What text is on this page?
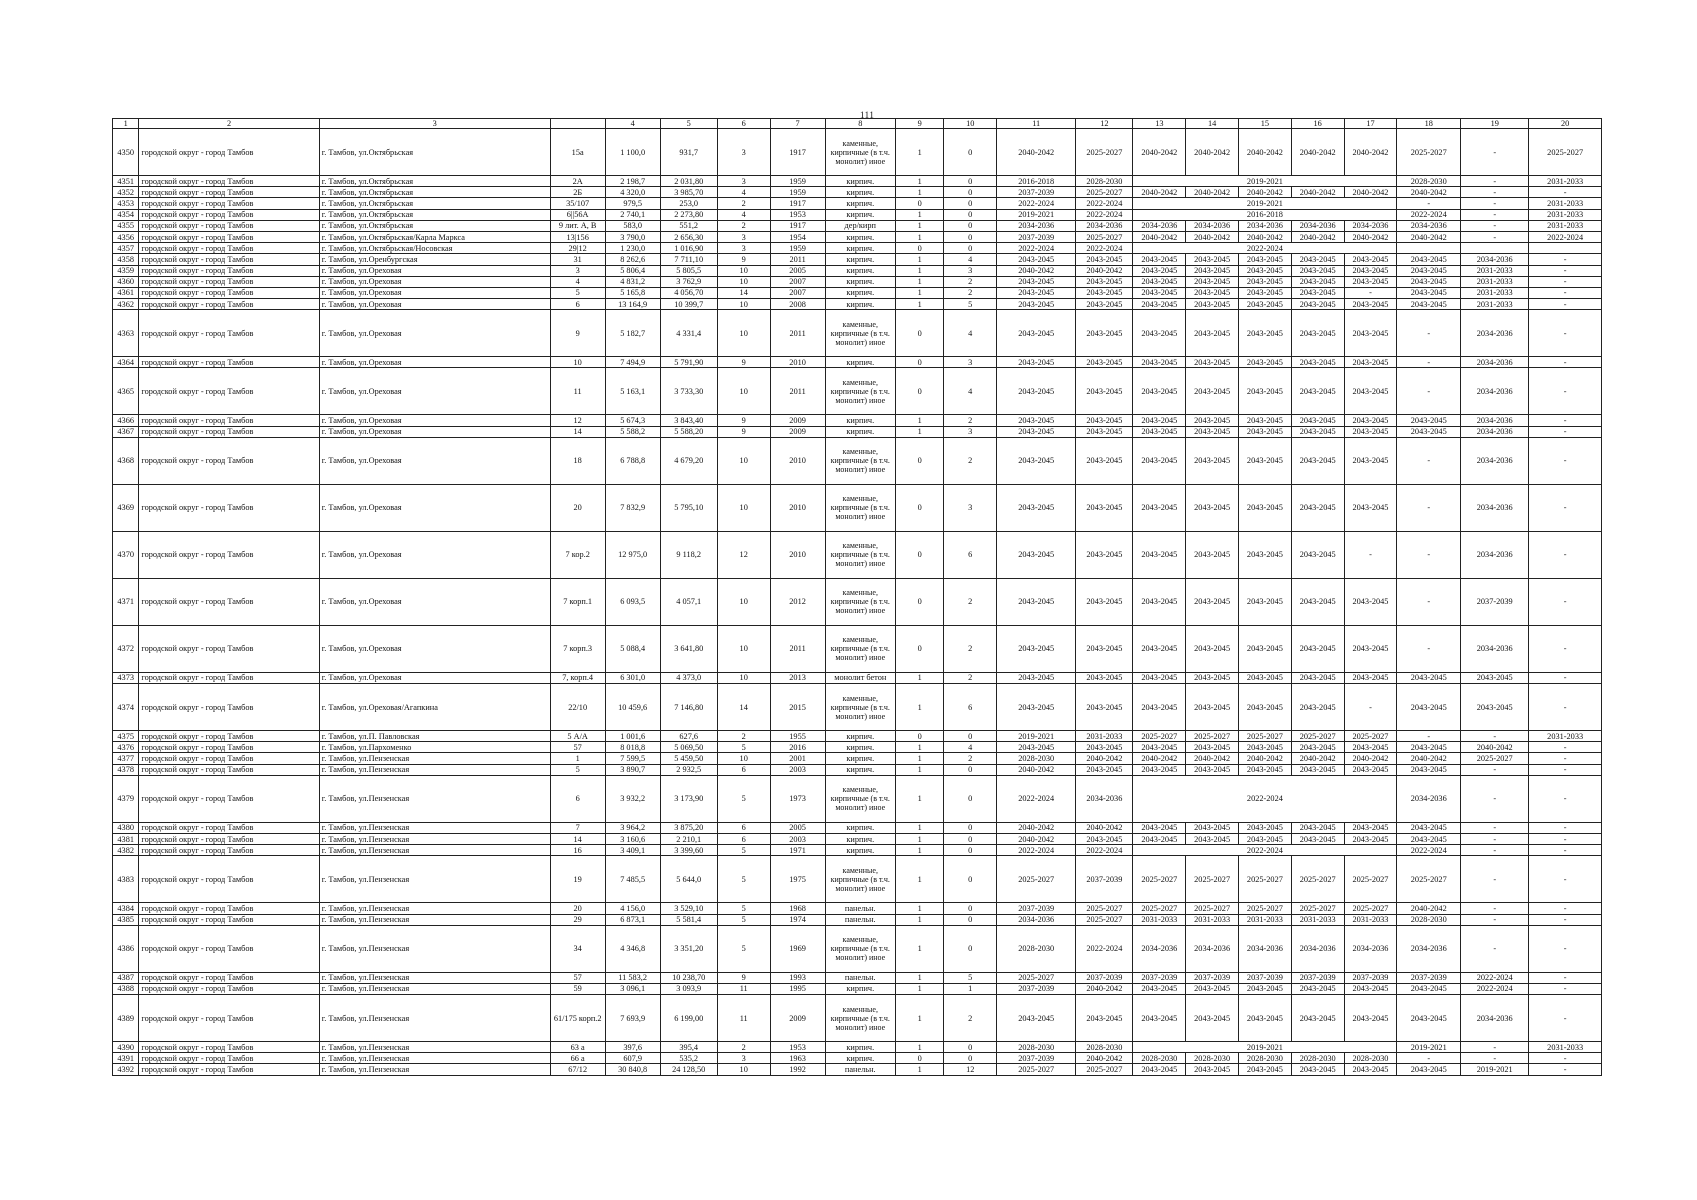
111
1	2	3		4	5	6	7	8	9	10	11	12	13	14	15	16	17	18	19	20
4350	городской округ - город Тамбов	г. Тамбов, ул.Октябрьская	15а	1 100,0	931,7	3	1917	каменные, кирпичные (в т.ч. монолит) иное	1	0	2040-2042	2025-2027	2040-2042	2040-2042	2040-2042	2040-2042	2040-2042	2025-2027	-	2025-2027
4351	городской округ - город Тамбов	г. Тамбов, ул.Октябрьская	2А	2 198,7	2 031,80	3	1959	кирпич.	1	0	2016-2018	2028-2030	2019-2021					2028-2030	-	2031-2033
4352	городской округ - город Тамбов	г. Тамбов, ул.Октябрьская	2Б	4 320,0	3 985,70	4	1959	кирпич.	1	0	2037-2039	2025-2027	2040-2042	2040-2042	2040-2042	2040-2042	2040-2042	2040-2042	-	-
4353	городской округ - город Тамбов	г. Тамбов, ул.Октябрьская	35/107	979,5	253,0	2	1917	кирпич.	0	0	2022-2024	2022-2024	2019-2021					-	-	2031-2033
4354	городской округ - город Тамбов	г. Тамбов, ул.Октябрьская	6||56А	2 740,1	2 273,80	4	1953	кирпич.	1	0	2019-2021	2022-2024	2016-2018					2022-2024	-	2031-2033
4355	городской округ - город Тамбов	г. Тамбов, ул.Октябрьская	9 лит. А, В	583,0	551,2	2	1917	дер/кирп	1	0	2034-2036	2034-2036	2034-2036	2034-2036	2034-2036	2034-2036	2034-2036	2034-2036	-	2031-2033
4356	городской округ - город Тамбов	г. Тамбов, ул.Октябрьская/Карла Маркса	13|156	3 790,0	2 656,30	3	1954	кирпич.	1	0	2037-2039	2025-2027	2040-2042	2040-2042	2040-2042	2040-2042	2040-2042	2040-2042	-	2022-2024
4357	городской округ - город Тамбов	г. Тамбов, ул.Октябрьская/Носовская	29|12	1 230,0	1 016,90	3	1959	кирпич.	0	0	2022-2024	2022-2024	2022-2024							
4358	городской округ - город Тамбов	г. Тамбов, ул.Оренбургская	31	8 262,6	7 711,10	9	2011	кирпич.	1	4	2043-2045	2043-2045	2043-2045	2043-2045	2043-2045	2043-2045	2043-2045	2043-2045	2034-2036	-
4359	городской округ - город Тамбов	г. Тамбов, ул.Ореховая	3	5 806,4	5 805,5	10	2005	кирпич.	1	3	2040-2042	2040-2042	2043-2045	2043-2045	2043-2045	2043-2045	2043-2045	2043-2045	2031-2033	-
4360	городской округ - город Тамбов	г. Тамбов, ул.Ореховая	4	4 831,2	3 762,9	10	2007	кирпич.	1	2	2043-2045	2043-2045	2043-2045	2043-2045	2043-2045	2043-2045	2043-2045	2043-2045	2031-2033	-
4361	городской округ - город Тамбов	г. Тамбов, ул.Ореховая	5	5 165,8	4 056,70	14	2007	кирпич.	1	2	2043-2045	2043-2045	2043-2045	2043-2045	2043-2045	2043-2045	-	2043-2045	2031-2033	-
4362	городской округ - город Тамбов	г. Тамбов, ул.Ореховая	6	13 164,9	10 399,7	10	2008	кирпич.	1	5	2043-2045	2043-2045	2043-2045	2043-2045	2043-2045	2043-2045	2043-2045	2043-2045	2031-2033	-
4363	городской округ - город Тамбов	г. Тамбов, ул.Ореховая	9	5 182,7	4 331,4	10	2011	каменные, кирпичные (в т.ч. монолит) иное	0	4	2043-2045	2043-2045	2043-2045	2043-2045	2043-2045	2043-2045	2043-2045	-	2034-2036	-
4364	городской округ - город Тамбов	г. Тамбов, ул.Ореховая	10	7 494,9	5 791,90	9	2010	кирпич.	0	3	2043-2045	2043-2045	2043-2045	2043-2045	2043-2045	2043-2045	2043-2045	-	2034-2036	-
4365	городской округ - город Тамбов	г. Тамбов, ул.Ореховая	11	5 163,1	3 733,30	10	2011	каменные, кирпичные (в т.ч. монолит) иное	0	4	2043-2045	2043-2045	2043-2045	2043-2045	2043-2045	2043-2045	2043-2045	-	2034-2036	-
4366	городской округ - город Тамбов	г. Тамбов, ул.Ореховая	12	5 674,3	3 843,40	9	2009	кирпич.	1	2	2043-2045	2043-2045	2043-2045	2043-2045	2043-2045	2043-2045	2043-2045	2043-2045	2034-2036	-
4367	городской округ - город Тамбов	г. Тамбов, ул.Ореховая	14	5 588,2	5 588,20	9	2009	кирпич.	1	3	2043-2045	2043-2045	2043-2045	2043-2045	2043-2045	2043-2045	2043-2045	2043-2045	2034-2036	-
4368	городской округ - город Тамбов	г. Тамбов, ул.Ореховая	18	6 788,8	4 679,20	10	2010	каменные, кирпичные (в т.ч. монолит) иное	0	2	2043-2045	2043-2045	2043-2045	2043-2045	2043-2045	2043-2045	2043-2045	-	2034-2036	-
4369	городской округ - город Тамбов	г. Тамбов, ул.Ореховая	20	7 832,9	5 795,10	10	2010	каменные, кирпичные (в т.ч. монолит) иное	0	3	2043-2045	2043-2045	2043-2045	2043-2045	2043-2045	2043-2045	2043-2045	-	2034-2036	-
4370	городской округ - город Тамбов	г. Тамбов, ул.Ореховая	7 кор.2	12 975,0	9 118,2	12	2010	каменные, кирпичные (в т.ч. монолит) иное	0	6	2043-2045	2043-2045	2043-2045	2043-2045	2043-2045	2043-2045	-	-	2034-2036	-
4371	городской округ - город Тамбов	г. Тамбов, ул.Ореховая	7 корп.1	6 093,5	4 057,1	10	2012	каменные, кирпичные (в т.ч. монолит) иное	0	2	2043-2045	2043-2045	2043-2045	2043-2045	2043-2045	2043-2045	2043-2045	-	2037-2039	-
4372	городской округ - город Тамбов	г. Тамбов, ул.Ореховая	7 корп.3	5 088,4	3 641,80	10	2011	каменные, кирпичные (в т.ч. монолит) иное	0	2	2043-2045	2043-2045	2043-2045	2043-2045	2043-2045	2043-2045	2043-2045	-	2034-2036	-
4373	городской округ - город Тамбов	г. Тамбов, ул.Ореховая	7, корп.4	6 301,0	4 373,0	10	2013	монолит бетон	1	2	2043-2045	2043-2045	2043-2045	2043-2045	2043-2045	2043-2045	2043-2045	2043-2045	2043-2045	-
4374	городской округ - город Тамбов	г. Тамбов, ул.Ореховая/Агапкина	22/10	10 459,6	7 146,80	14	2015	каменные, кирпичные (в т.ч. монолит) иное	1	6	2043-2045	2043-2045	2043-2045	2043-2045	2043-2045	2043-2045	-	2043-2045	2043-2045	-
4375	городской округ - город Тамбов	г. Тамбов, ул.П. Павловская	5 А/А	1 001,6	627,6	2	1955	кирпич.	0	0	2019-2021	2031-2033	2025-2027	2025-2027	2025-2027	2025-2027	2025-2027	-	-	2031-2033
4376	городской округ - город Тамбов	г. Тамбов, ул.Пархоменко	57	8 018,8	5 069,50	5	2016	кирпич.	1	4	2043-2045	2043-2045	2043-2045	2043-2045	2043-2045	2043-2045	2043-2045	2043-2045	2040-2042	-
4377	городской округ - город Тамбов	г. Тамбов, ул.Пензенская	1	7 599,5	5 459,50	10	2001	кирпич.	1	2	2028-2030	2040-2042	2040-2042	2040-2042	2040-2042	2040-2042	2040-2042	2040-2042	2025-2027	-
4378	городской округ - город Тамбов	г. Тамбов, ул.Пензенская	5	3 890,7	2 932,5	6	2003	кирпич.	1	0	2040-2042	2043-2045	2043-2045	2043-2045	2043-2045	2043-2045	2043-2045	2043-2045	-	-
4379	городской округ - город Тамбов	г. Тамбов, ул.Пензенская	6	3 932,2	3 173,90	5	1973	каменные, кирпичные (в т.ч. монолит) иное	1	0	2022-2024	2034-2036	2022-2024					2034-2036	-	-
4380	городской округ - город Тамбов	г. Тамбов, ул.Пензенская	7	3 964,2	3 875,20	6	2005	кирпич.	1	0	2040-2042	2040-2042	2043-2045	2043-2045	2043-2045	2043-2045	2043-2045	2043-2045	-	-
4381	городской округ - город Тамбов	г. Тамбов, ул.Пензенская	14	3 160,6	2 210,1	6	2003	кирпич.	1	0	2040-2042	2043-2045	2043-2045	2043-2045	2043-2045	2043-2045	2043-2045	2043-2045	-	-
4382	городской округ - город Тамбов	г. Тамбов, ул.Пензенская	16	3 409,1	3 399,60	5	1971	кирпич.	1	0	2022-2024	2022-2024	2022-2024					2022-2024	-	-
4383	городской округ - город Тамбов	г. Тамбов, ул.Пензенская	19	7 485,5	5 644,0	5	1975	каменные, кирпичные (в т.ч. монолит) иное	1	0	2025-2027	2037-2039	2025-2027	2025-2027	2025-2027	2025-2027	2025-2027	2025-2027	-	-
4384	городской округ - город Тамбов	г. Тамбов, ул.Пензенская	20	4 156,0	3 529,10	5	1968	панельн.	1	0	2037-2039	2025-2027	2025-2027	2025-2027	2025-2027	2025-2027	2025-2027	2040-2042	-	-
4385	городской округ - город Тамбов	г. Тамбов, ул.Пензенская	29	6 873,1	5 581,4	5	1974	панельн.	1	0	2034-2036	2025-2027	2031-2033	2031-2033	2031-2033	2031-2033	2031-2033	2028-2030	-	-
4386	городской округ - город Тамбов	г. Тамбов, ул.Пензенская	34	4 346,8	3 351,20	5	1969	каменные, кирпичные (в т.ч. монолит) иное	1	0	2028-2030	2022-2024	2034-2036	2034-2036	2034-2036	2034-2036	2034-2036	2034-2036	-	-
4387	городской округ - город Тамбов	г. Тамбов, ул.Пензенская	57	11 583,2	10 238,70	9	1993	панельн.	1	5	2025-2027	2037-2039	2037-2039	2037-2039	2037-2039	2037-2039	2037-2039	2037-2039	2022-2024	-
4388	городской округ - город Тамбов	г. Тамбов, ул.Пензенская	59	3 096,1	3 093,9	11	1995	кирпич.	1	1	2037-2039	2040-2042	2043-2045	2043-2045	2043-2045	2043-2045	2043-2045	2043-2045	2022-2024	-
4389	городской округ - город Тамбов	г. Тамбов, ул.Пензенская	61/175 корп.2	7 693,9	6 199,00	11	2009	каменные, кирпичные (в т.ч. монолит) иное	1	2	2043-2045	2043-2045	2043-2045	2043-2045	2043-2045	2043-2045	2043-2045	2043-2045	2034-2036	-
4390	городской округ - город Тамбов	г. Тамбов, ул.Пензенская	63 а	397,6	395,4	2	1953	кирпич.	1	0	2028-2030	2028-2030	2019-2021					2019-2021	-	2031-2033
4391	городской округ - город Тамбов	г. Тамбов, ул.Пензенская	66 а	607,9	535,2	3	1963	кирпич.	0	0	2037-2039	2040-2042	2028-2030	2028-2030	2028-2030	2028-2030	2028-2030	-	-	-
4392	городской округ - город Тамбов	г. Тамбов, ул.Пензенская	67/12	30 840,8	24 128,50	10	1992	панельн.	1	12	2025-2027	2025-2027	2043-2045	2043-2045	2043-2045	2043-2045	2043-2045	2043-2045	2019-2021	-
